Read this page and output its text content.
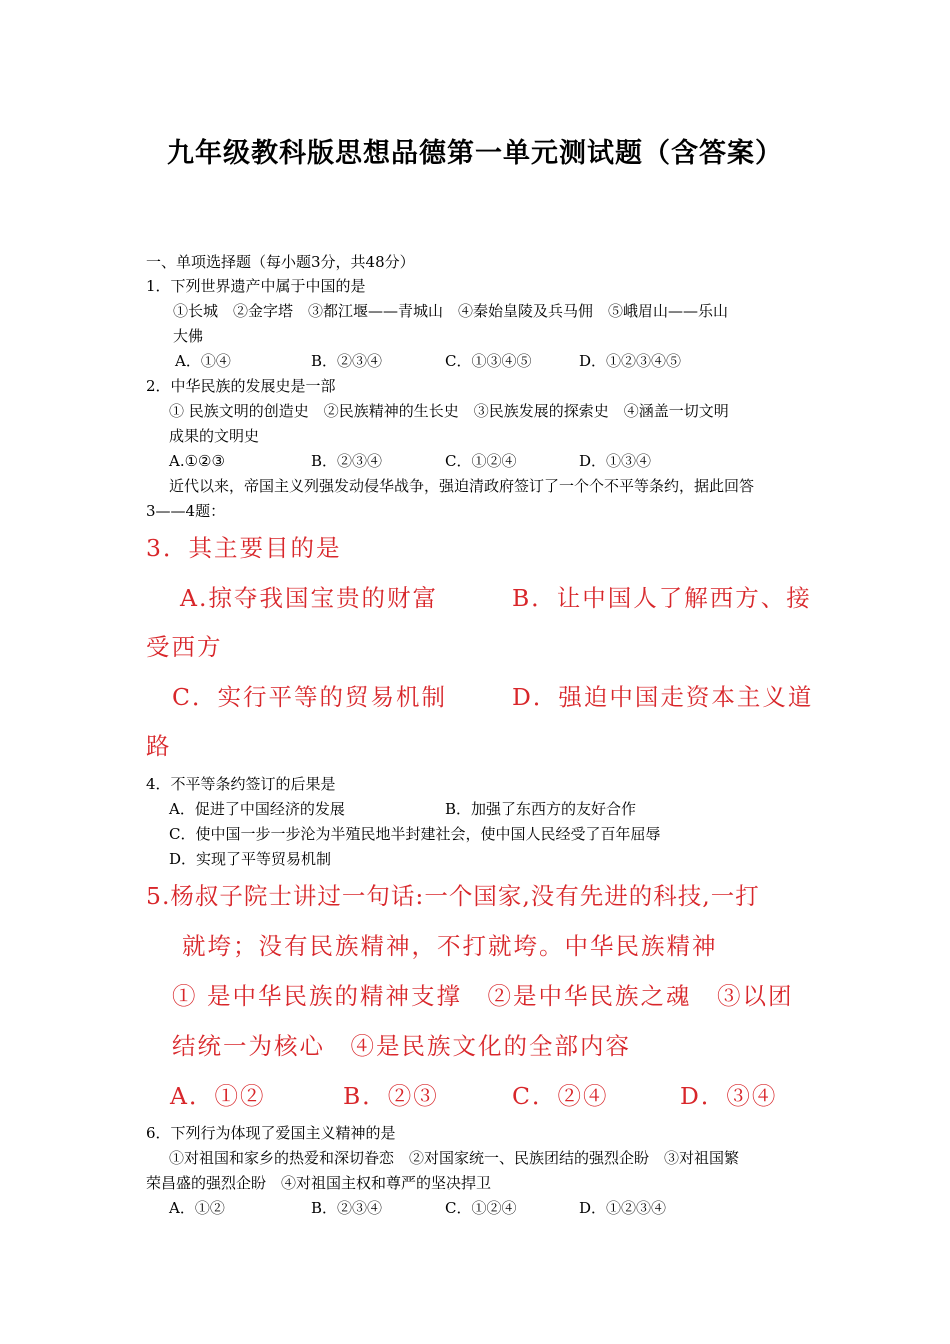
九年级教科版思想品德第一单元测试题（含答案）
一、单项选择题（每小题3分，共48分）
1．下列世界遗产中属于中国的是
①长城　②金字塔　③都江堰——青城山　④秦始皇陵及兵马佣　⑤峨眉山——乐山
大佛
A．①④	B．②③④	C．①③④⑤	D．①②③④⑤
2．中华民族的发展史是一部
① 民族文明的创造史　②民族精神的生长史　③民族发展的探索史　④涵盖一切文明
成果的文明史
A.①②③	B．②③④	C．①②④	D．①③④
近代以来，帝国主义列强发动侵华战争，强迫清政府签订了一个个不平等条约，据此回答
3——4题：
3．其主要目的是
A.掠夺我国宝贵的财富	B．让中国人了解西方、接
受西方
C．实行平等的贸易机制	D．强迫中国走资本主义道
路
4．不平等条约签订的后果是
A．促进了中国经济的发展	B．加强了东西方的友好合作
C．使中国一步一步沦为半殖民地半封建社会，使中国人民经受了百年屈辱
D．实现了平等贸易机制
5.杨叔子院士讲过一句话:一个国家,没有先进的科技,一打
就垮；没有民族精神，不打就垮。中华民族精神
① 是中华民族的精神支撑　②是中华民族之魂　③以团
结统一为核心　④是民族文化的全部内容
A．①②	B．②③	C．②④	D．③④
6．下列行为体现了爱国主义精神的是
①对祖国和家乡的热爱和深切眷恋　②对国家统一、民族团结的强烈企盼　③对祖国繁
荣昌盛的强烈企盼　④对祖国主权和尊严的坚决捍卫
A．①②	B．②③④	C．①②④	D．①②③④
